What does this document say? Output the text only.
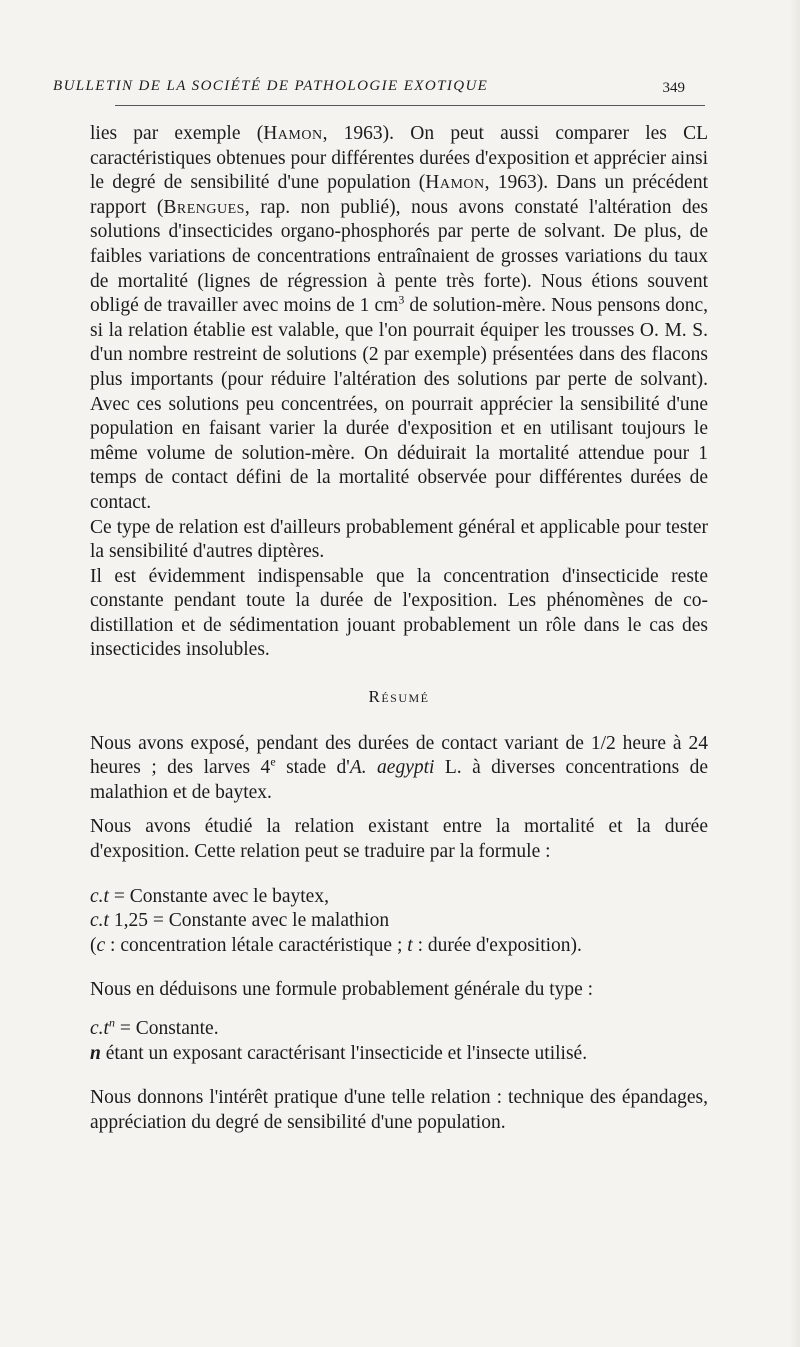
BULLETIN DE LA SOCIÉTÉ DE PATHOLOGIE EXOTIQUE	349

lies par exemple (Hamon, 1963). On peut aussi comparer les CL caractéristiques obtenues pour différentes durées d'exposition et apprécier ainsi le degré de sensibilité d'une population (Hamon, 1963). Dans un précédent rapport (Brengues, rap. non publié), nous avons constaté l'altération des solutions d'insecticides organo-phosphorés par perte de solvant. De plus, de faibles variations de concentrations entraînaient de grosses variations du taux de mortalité (lignes de régression à pente très forte). Nous étions souvent obligé de travailler avec moins de 1 $cm^3$ de solution-mère. Nous pensons donc, si la relation établie est valable, que l'on pourrait équiper les trousses O. M. S. d'un nombre restreint de solutions (2 par exemple) présentées dans des flacons plus importants (pour réduire l'altération des solutions par perte de solvant). Avec ces solutions peu concentrées, on pourrait apprécier la sensibilité d'une population en faisant varier la durée d'exposition et en utilisant toujours le même volume de solution-mère. On déduirait la mortalité attendue pour 1 temps de contact défini de la mortalité observée pour différentes durées de contact.

Ce type de relation est d'ailleurs probablement général et applicable pour tester la sensibilité d'autres diptères.

Il est évidemment indispensable que la concentration d'insecticide reste constante pendant toute la durée de l'exposition. Les phénomènes de co-distillation et de sédimentation jouant probablement un rôle dans le cas des insecticides insolubles.

Résumé

Nous avons exposé, pendant des durées de contact variant de 1/2 heure à 24 heures ; des larves 4e stade d'A. aegypti L. à diverses concentrations de malathion et de baytex.

Nous avons étudié la relation existant entre la mortalité et la durée d'exposition. Cette relation peut se traduire par la formule :

c.t = Constante avec le baytex,

c.t 1,25 = Constante avec le malathion

(c : concentration létale caractéristique ; t : durée d'exposition).

Nous en déduisons une formule probablement générale du type :

$c.t^n$ = Constante.

n étant un exposant caractérisant l'insecticide et l'insecte utilisé.

Nous donnons l'intérêt pratique d'une telle relation : technique des épandages, appréciation du degré de sensibilité d'une population.
